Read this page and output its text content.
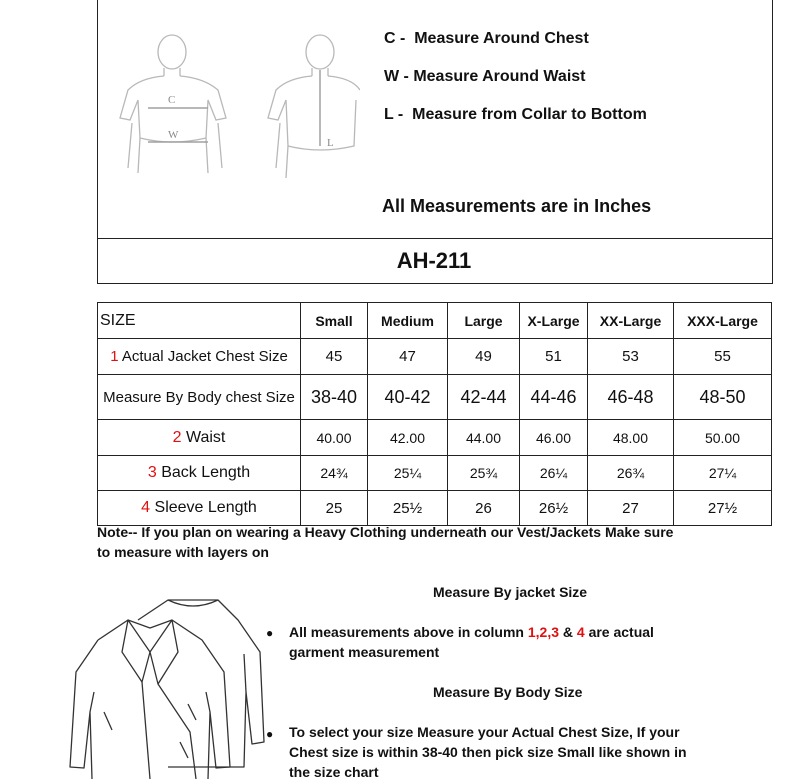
C
W
L
C -  Measure Around Chest
W - Measure Around Waist
L -  Measure from Collar to Bottom
All Measurements are in Inches
AH-211
SIZE	Small	Medium	Large	X-Large	XX-Large	XXX-Large
1 Actual Jacket Chest Size	45	47	49	51	53	55
Measure By Body chest Size	38-40	40-42	42-44	44-46	46-48	48-50
2 Waist	40.00	42.00	44.00	46.00	48.00	50.00
3 Back Length	24¾	25¼	25¾	26¼	26¾	27¼
4 Sleeve Length	25	25½	26	26½	27	27½
Note-- If you plan on wearing a Heavy Clothing underneath our Vest/Jackets Make sure
to measure with layers on
Measure By jacket Size
● All measurements above in column 1,2,3 & 4 are actual
garment measurement
Measure By Body Size
● To select your size Measure your Actual Chest Size, If your
Chest size is within 38-40 then pick size Small like shown in
the size chart
